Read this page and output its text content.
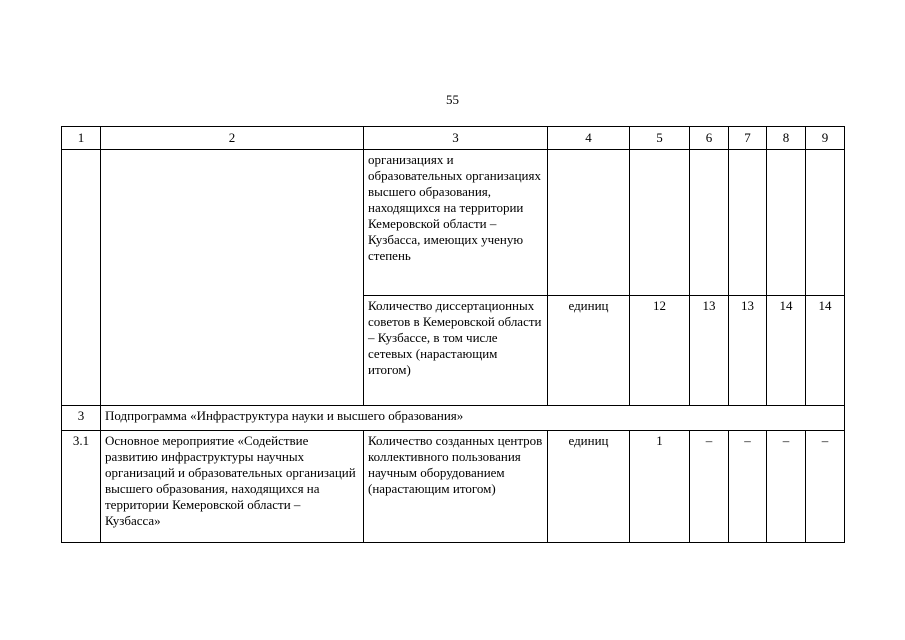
55
1	2	3	4	5	6	7	8	9
		организациях и образовательных организациях высшего образования, находящихся на территории Кемеровской области – Кузбасса, имеющих ученую степень						
		Количество диссертационных советов в Кемеровской области – Кузбассе, в том числе сетевых (нарастающим итогом)	единиц	12	13	13	14	14
3	Подпрограмма «Инфраструктура науки и высшего образования»							
3.1	Основное мероприятие «Содействие развитию инфраструктуры научных организаций и образовательных организаций высшего образования, находящихся на территории Кемеровской области – Кузбасса»	Количество созданных центров коллективного пользования научным оборудованием (нарастающим итогом)	единиц	1	–	–	–	–
